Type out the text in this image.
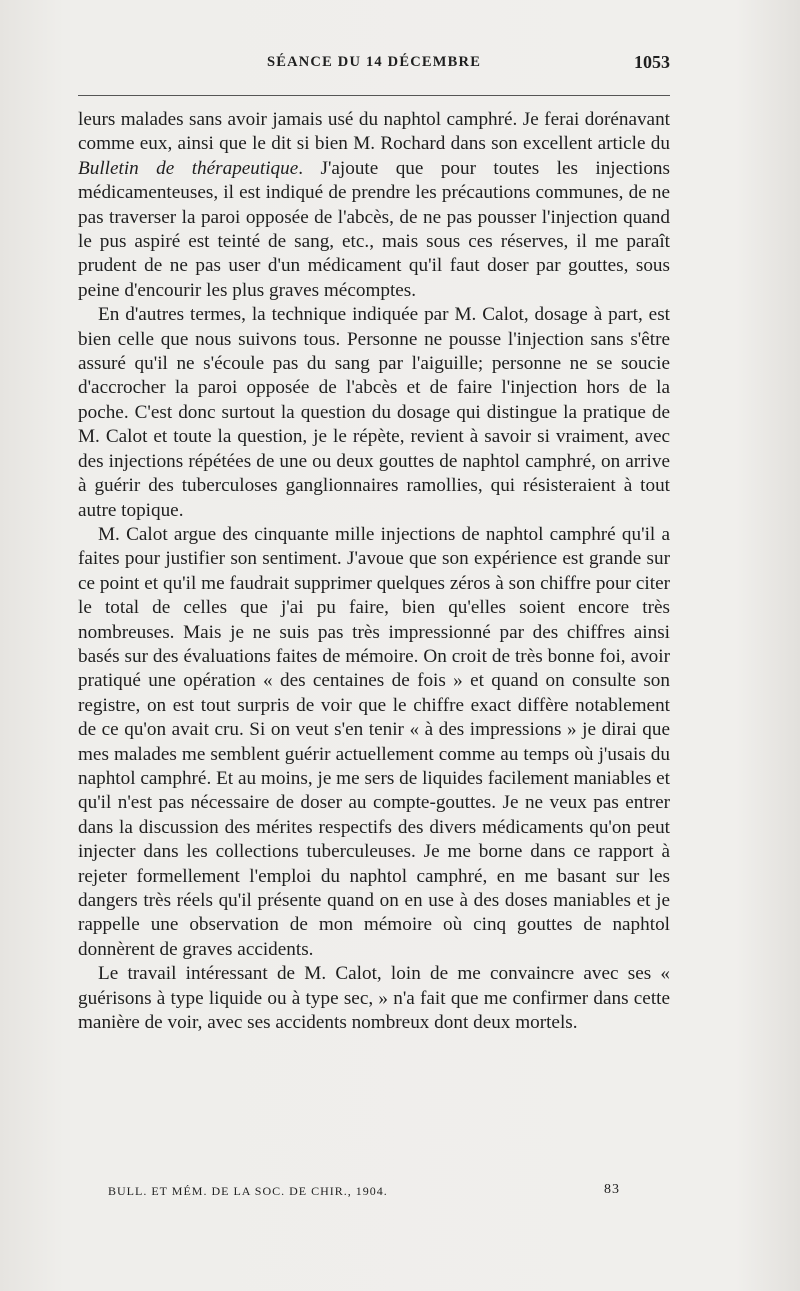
SÉANCE DU 14 DÉCEMBRE	1053

leurs malades sans avoir jamais usé du naphtol camphré. Je ferai dorénavant comme eux, ainsi que le dit si bien M. Rochard dans son excellent article du Bulletin de thérapeutique. J'ajoute que pour toutes les injections médicamenteuses, il est indiqué de prendre les précautions communes, de ne pas traverser la paroi opposée de l'abcès, de ne pas pousser l'injection quand le pus aspiré est teinté de sang, etc., mais sous ces réserves, il me paraît prudent de ne pas user d'un médicament qu'il faut doser par gouttes, sous peine d'encourir les plus graves mécomptes.

En d'autres termes, la technique indiquée par M. Calot, dosage à part, est bien celle que nous suivons tous. Personne ne pousse l'injection sans s'être assuré qu'il ne s'écoule pas du sang par l'aiguille; personne ne se soucie d'accrocher la paroi opposée de l'abcès et de faire l'injection hors de la poche. C'est donc surtout la question du dosage qui distingue la pratique de M. Calot et toute la question, je le répète, revient à savoir si vraiment, avec des injections répétées de une ou deux gouttes de naphtol camphré, on arrive à guérir des tuberculoses ganglionnaires ramollies, qui résisteraient à tout autre topique.

M. Calot argue des cinquante mille injections de naphtol camphré qu'il a faites pour justifier son sentiment. J'avoue que son expérience est grande sur ce point et qu'il me faudrait supprimer quelques zéros à son chiffre pour citer le total de celles que j'ai pu faire, bien qu'elles soient encore très nombreuses. Mais je ne suis pas très impressionné par des chiffres ainsi basés sur des évaluations faites de mémoire. On croit de très bonne foi, avoir pratiqué une opération « des centaines de fois » et quand on consulte son registre, on est tout surpris de voir que le chiffre exact diffère notablement de ce qu'on avait cru. Si on veut s'en tenir « à des impressions » je dirai que mes malades me semblent guérir actuellement comme au temps où j'usais du naphtol camphré. Et au moins, je me sers de liquides facilement maniables et qu'il n'est pas nécessaire de doser au compte-gouttes. Je ne veux pas entrer dans la discussion des mérites respectifs des divers médicaments qu'on peut injecter dans les collections tuberculeuses. Je me borne dans ce rapport à rejeter formellement l'emploi du naphtol camphré, en me basant sur les dangers très réels qu'il présente quand on en use à des doses maniables et je rappelle une observation de mon mémoire où cinq gouttes de naphtol donnèrent de graves accidents.

Le travail intéressant de M. Calot, loin de me convaincre avec ses « guérisons à type liquide ou à type sec, » n'a fait que me confirmer dans cette manière de voir, avec ses accidents nombreux dont deux mortels.

BULL. ET MÉM. DE LA SOC. DE CHIR., 1904.	83
